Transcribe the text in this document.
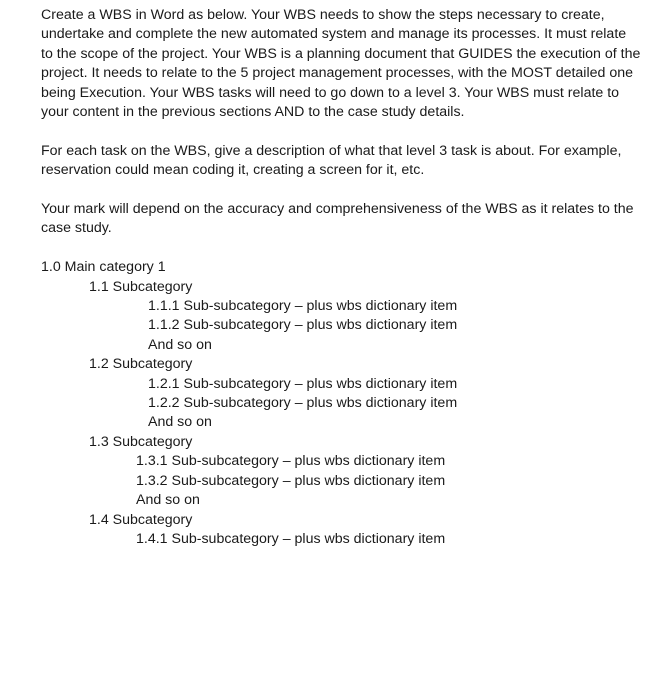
Create a WBS in Word as below. Your WBS needs to show the steps necessary to create, undertake and complete the new automated system and manage its processes. It must relate to the scope of the project. Your WBS is a planning document that GUIDES the execution of the project. It needs to relate to the 5 project management processes, with the MOST detailed one being Execution. Your WBS tasks will need to go down to a level 3. Your WBS must relate to your content in the previous sections AND to the case study details.

For each task on the WBS, give a description of what that level 3 task is about. For example, reservation could mean coding it, creating a screen for it, etc.

Your mark will depend on the accuracy and comprehensiveness of the WBS as it relates to the case study.

1.0 Main category 1

1.1 Subcategory

1.1.1 Sub-subcategory – plus wbs dictionary item

1.1.2 Sub-subcategory – plus wbs dictionary item

And so on

1.2 Subcategory

1.2.1 Sub-subcategory – plus wbs dictionary item

1.2.2 Sub-subcategory – plus wbs dictionary item

And so on

1.3 Subcategory

1.3.1 Sub-subcategory – plus wbs dictionary item

1.3.2 Sub-subcategory – plus wbs dictionary item

And so on

1.4 Subcategory

1.4.1 Sub-subcategory – plus wbs dictionary item
